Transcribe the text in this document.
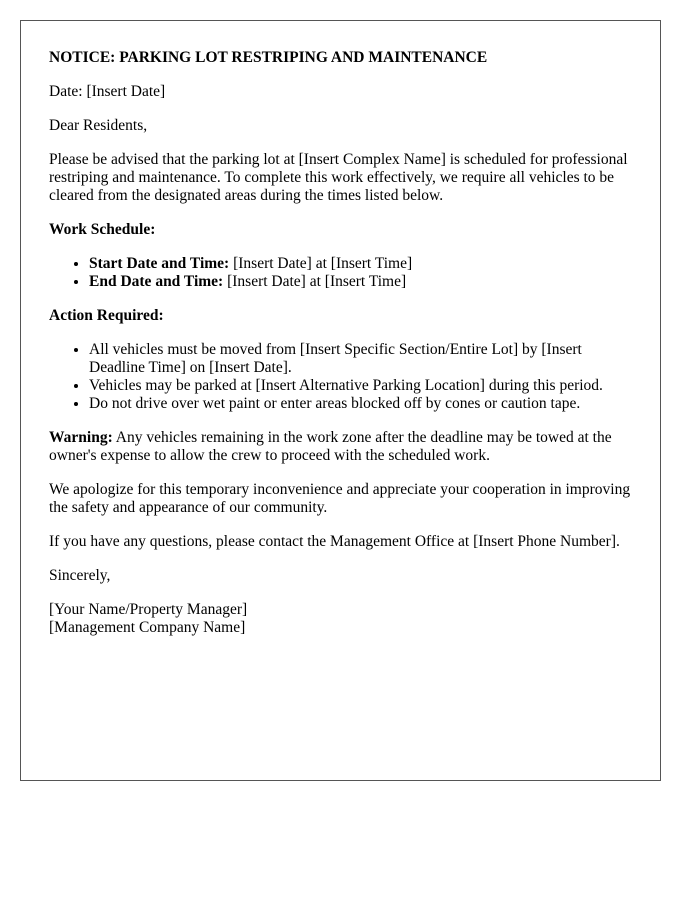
NOTICE: PARKING LOT RESTRIPING AND MAINTENANCE

Date: [Insert Date]

Dear Residents,

Please be advised that the parking lot at [Insert Complex Name] is scheduled for professional restriping and maintenance. To complete this work effectively, we require all vehicles to be cleared from the designated areas during the times listed below.

Work Schedule:
• Start Date and Time: [Insert Date] at [Insert Time]
• End Date and Time: [Insert Date] at [Insert Time]
Action Required:
• All vehicles must be moved from [Insert Specific Section/Entire Lot] by [Insert Deadline Time] on [Insert Date].
• Vehicles may be parked at [Insert Alternative Parking Location] during this period.
• Do not drive over wet paint or enter areas blocked off by cones or caution tape.

Warning: Any vehicles remaining in the work zone after the deadline may be towed at the owner's expense to allow the crew to proceed with the scheduled work.

We apologize for this temporary inconvenience and appreciate your cooperation in improving the safety and appearance of our community.

If you have any questions, please contact the Management Office at [Insert Phone Number].

Sincerely,

[Your Name/Property Manager]

[Management Company Name]
